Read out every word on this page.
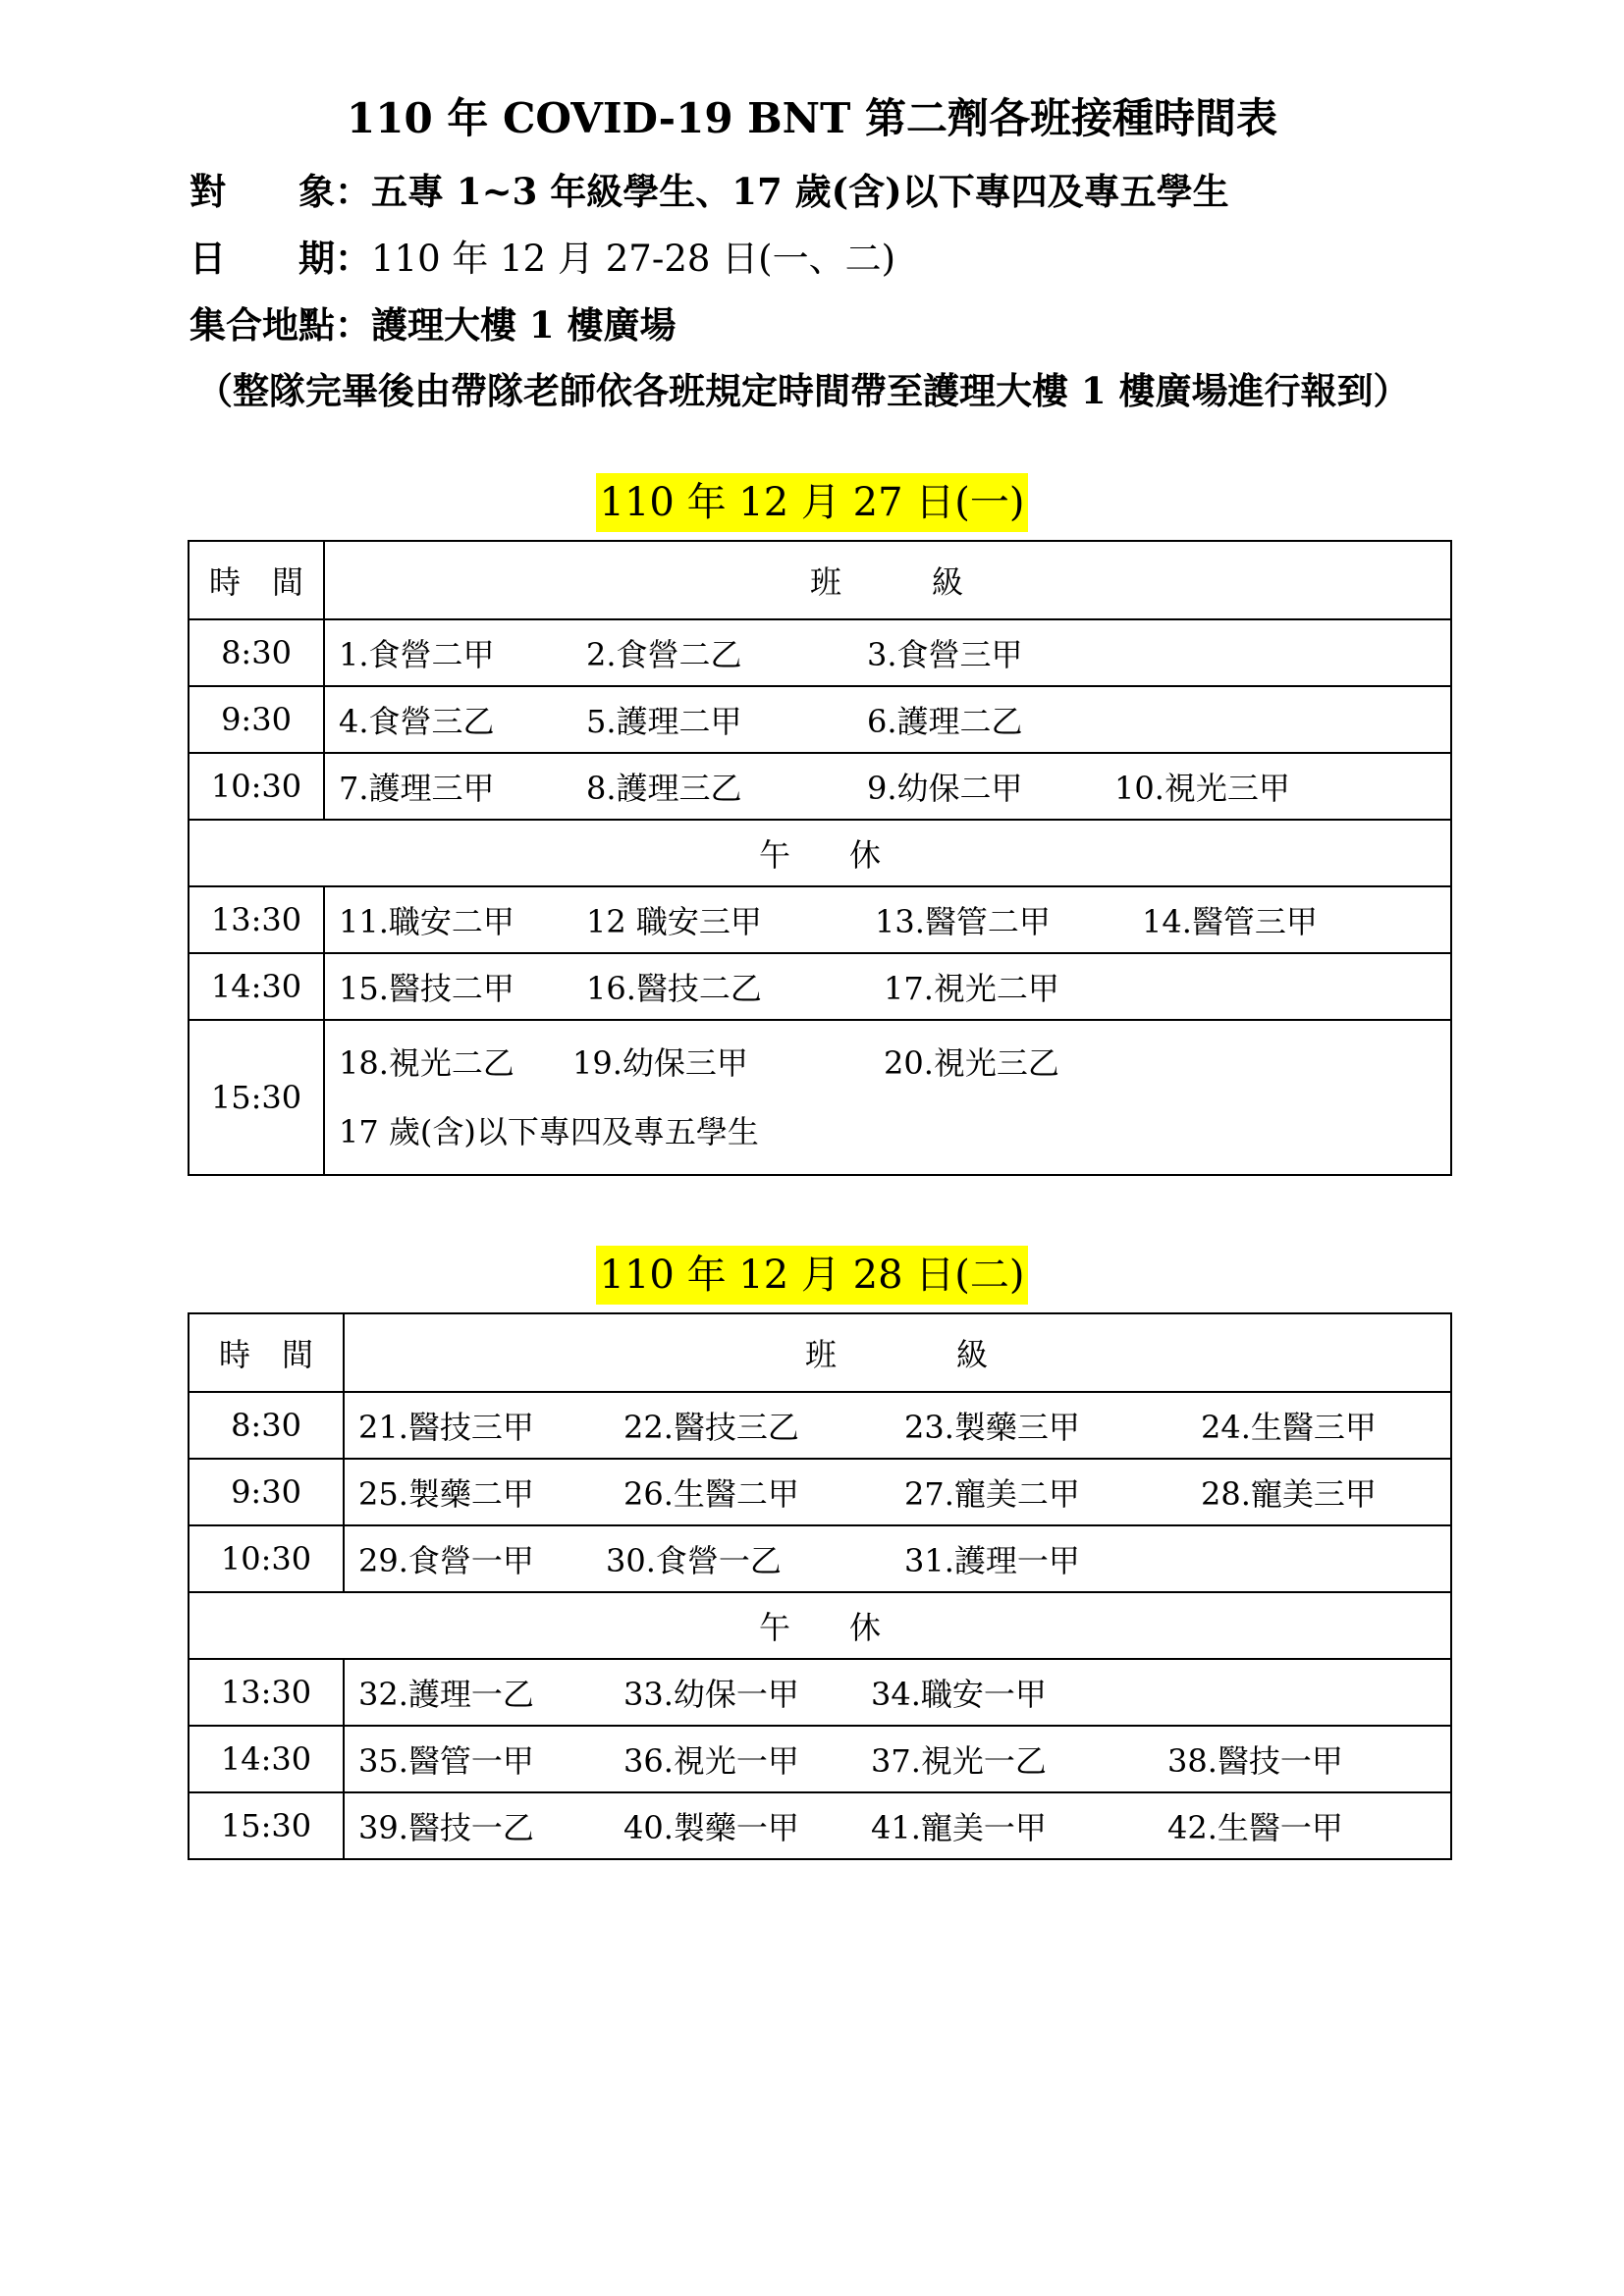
110 年 COVID-19 BNT 第二劑各班接種時間表
對　　象：五專 1~3 年級學生、17 歲(含)以下專四及專五學生
日　　期：110 年 12 月 27-28 日(一、二)
集合地點：護理大樓 1 樓廣場
（整隊完畢後由帶隊老師依各班規定時間帶至護理大樓 1 樓廣場進行報到）
110 年 12 月 27 日(一)
時　間	班 級
8:30	1.食營二甲 2.食營二乙 3.食營三甲
9:30	4.食營三乙 5.護理二甲 6.護理二乙
10:30	7.護理三甲 8.護理三乙 9.幼保二甲 10.視光三甲
午 休	
13:30	11.職安二甲 12 職安三甲 13.醫管二甲 14.醫管三甲
14:30	15.醫技二甲 16.醫技二乙 17.視光二甲
15:30	18.視光二乙 19.幼保三甲 20.視光三乙
17 歲(含)以下專四及專五學生
110 年 12 月 28 日(二)
時　間	班 級
8:30	21.醫技三甲 22.醫技三乙 23.製藥三甲 24.生醫三甲
9:30	25.製藥二甲 26.生醫二甲 27.寵美二甲 28.寵美三甲
10:30	29.食營一甲 30.食營一乙 31.護理一甲
午 休	
13:30	32.護理一乙 33.幼保一甲 34.職安一甲
14:30	35.醫管一甲 36.視光一甲 37.視光一乙 38.醫技一甲
15:30	39.醫技一乙 40.製藥一甲 41.寵美一甲 42.生醫一甲
